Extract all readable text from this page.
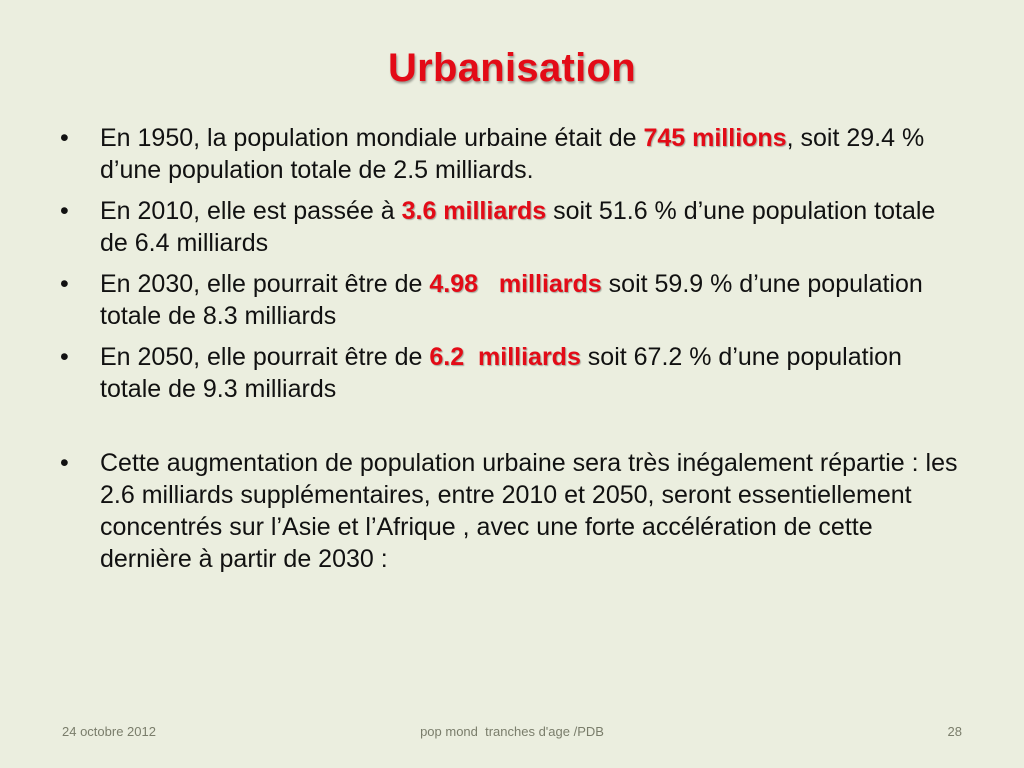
Urbanisation
•	En 1950, la population mondiale urbaine était de 745 millions, soit 29.4 % d’une population totale de 2.5 milliards.
•	En 2010, elle est passée à 3.6 milliards soit 51.6 % d’une population totale de 6.4 milliards
•	En 2030, elle pourrait être de 4.98   milliards soit 59.9 % d’une population totale de 8.3 milliards
•	En 2050, elle pourrait être de 6.2  milliards soit 67.2 % d’une population totale de 9.3 milliards
•	Cette augmentation de population urbaine sera très inégalement répartie : les 2.6 milliards supplémentaires, entre 2010 et 2050, seront essentiellement concentrés sur l’Asie et l’Afrique , avec une forte accélération de cette dernière à partir de 2030 :
24 octobre 2012	pop mond  tranches d'age /PDB	28
